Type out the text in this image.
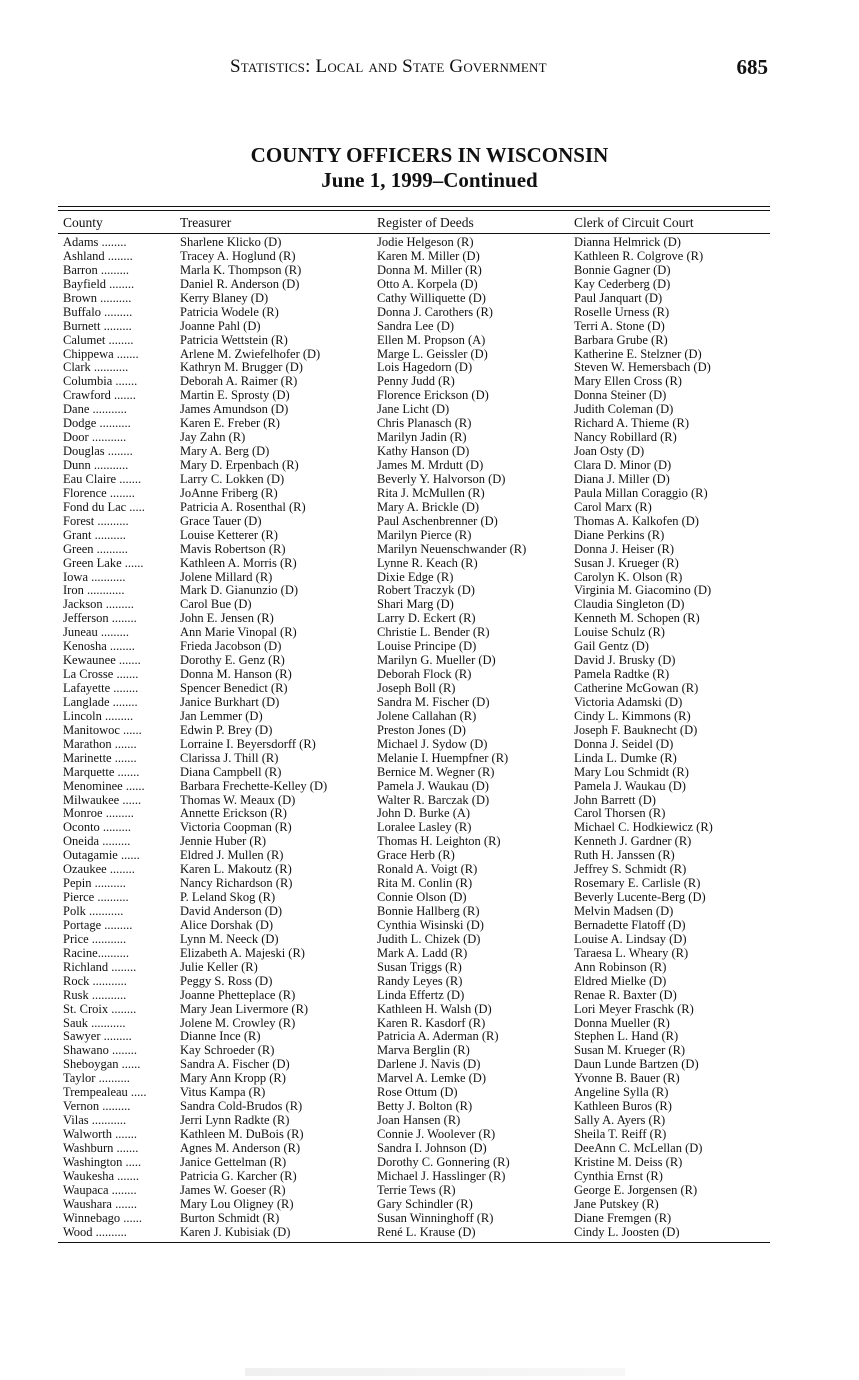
Statistics: Local and State Government	685
COUNTY OFFICERS IN WISCONSIN
June 1, 1999–Continued
County	Treasurer	Register of Deeds	Clerk of Circuit Court
Adams ........	Sharlene Klicko (D)	Jodie Helgeson (R)	Dianna Helmrick (D)
Ashland ........	Tracey A. Hoglund (R)	Karen M. Miller (D)	Kathleen R. Colgrove (R)
Barron .........	Marla K. Thompson (R)	Donna M. Miller (R)	Bonnie Gagner (D)
Bayfield ........	Daniel R. Anderson (D)	Otto A. Korpela (D)	Kay Cederberg (D)
Brown ..........	Kerry Blaney (D)	Cathy Williquette (D)	Paul Janquart (D)
Buffalo .........	Patricia Wodele (R)	Donna J. Carothers (R)	Roselle Urness (R)
Burnett .........	Joanne Pahl (D)	Sandra Lee (D)	Terri A. Stone (D)
Calumet ........	Patricia Wettstein (R)	Ellen M. Propson (A)	Barbara Grube (R)
Chippewa .......	Arlene M. Zwiefelhofer (D)	Marge L. Geissler (D)	Katherine E. Stelzner (D)
Clark ...........	Kathryn M. Brugger (D)	Lois Hagedorn (D)	Steven W. Hemersbach (D)
Columbia .......	Deborah A. Raimer (R)	Penny Judd (R)	Mary Ellen Cross (R)
Crawford .......	Martin E. Sprosty (D)	Florence Erickson (D)	Donna Steiner (D)
Dane ...........	James Amundson (D)	Jane Licht (D)	Judith Coleman (D)
Dodge ..........	Karen E. Freber (R)	Chris Planasch (R)	Richard A. Thieme (R)
Door ...........	Jay Zahn (R)	Marilyn Jadin (R)	Nancy Robillard (R)
Douglas ........	Mary A. Berg (D)	Kathy Hanson (D)	Joan Osty (D)
Dunn ...........	Mary D. Erpenbach (R)	James M. Mrdutt (D)	Clara D. Minor (D)
Eau Claire .......	Larry C. Lokken (D)	Beverly Y. Halvorson (D)	Diana J. Miller (D)
Florence ........	JoAnne Friberg (R)	Rita J. McMullen (R)	Paula Millan Coraggio (R)
Fond du Lac .....	Patricia A. Rosenthal (R)	Mary A. Brickle (D)	Carol Marx (R)
Forest ..........	Grace Tauer (D)	Paul Aschenbrenner (D)	Thomas A. Kalkofen (D)
Grant ..........	Louise Ketterer (R)	Marilyn Pierce (R)	Diane Perkins (R)
Green ..........	Mavis Robertson (R)	Marilyn Neuenschwander (R)	Donna J. Heiser (R)
Green Lake ......	Kathleen A. Morris (R)	Lynne R. Keach (R)	Susan J. Krueger (R)
Iowa ...........	Jolene Millard (R)	Dixie Edge (R)	Carolyn K. Olson (R)
Iron ............	Mark D. Gianunzio (D)	Robert Traczyk (D)	Virginia M. Giacomino (D)
Jackson .........	Carol Bue (D)	Shari Marg (D)	Claudia Singleton (D)
Jefferson ........	John E. Jensen (R)	Larry D. Eckert (R)	Kenneth M. Schopen (R)
Juneau .........	Ann Marie Vinopal (R)	Christie L. Bender (R)	Louise Schulz (R)
Kenosha ........	Frieda Jacobson (D)	Louise Principe (D)	Gail Gentz (D)
Kewaunee .......	Dorothy E. Genz (R)	Marilyn G. Mueller (D)	David J. Brusky (D)
La Crosse .......	Donna M. Hanson (R)	Deborah Flock (R)	Pamela Radtke (R)
Lafayette ........	Spencer Benedict (R)	Joseph Boll (R)	Catherine McGowan (R)
Langlade ........	Janice Burkhart (D)	Sandra M. Fischer (D)	Victoria Adamski (D)
Lincoln .........	Jan Lemmer (D)	Jolene Callahan (R)	Cindy L. Kimmons (R)
Manitowoc ......	Edwin P. Brey (D)	Preston Jones (D)	Joseph F. Bauknecht (D)
Marathon .......	Lorraine I. Beyersdorff (R)	Michael J. Sydow (D)	Donna J. Seidel (D)
Marinette .......	Clarissa J. Thill (R)	Melanie I. Huempfner (R)	Linda L. Dumke (R)
Marquette .......	Diana Campbell (R)	Bernice M. Wegner (R)	Mary Lou Schmidt (R)
Menominee ......	Barbara Frechette-Kelley (D)	Pamela J. Waukau (D)	Pamela J. Waukau (D)
Milwaukee ......	Thomas W. Meaux (D)	Walter R. Barczak (D)	John Barrett (D)
Monroe .........	Annette Erickson (R)	John D. Burke (A)	Carol Thorsen (R)
Oconto .........	Victoria Coopman (R)	Loralee Lasley (R)	Michael C. Hodkiewicz (R)
Oneida .........	Jennie Huber (R)	Thomas H. Leighton (R)	Kenneth J. Gardner (R)
Outagamie ......	Eldred J. Mullen (R)	Grace Herb (R)	Ruth H. Janssen (R)
Ozaukee ........	Karen L. Makoutz (R)	Ronald A. Voigt (R)	Jeffrey S. Schmidt (R)
Pepin ..........	Nancy Richardson (R)	Rita M. Conlin (R)	Rosemary E. Carlisle (R)
Pierce ..........	P. Leland Skog (R)	Connie Olson (D)	Beverly Lucente-Berg (D)
Polk ...........	David Anderson (D)	Bonnie Hallberg (R)	Melvin Madsen (D)
Portage .........	Alice Dorshak (D)	Cynthia Wisinski (D)	Bernadette Flatoff (D)
Price ...........	Lynn M. Neeck (D)	Judith L. Chizek (D)	Louise A. Lindsay (D)
Racine..........	Elizabeth A. Majeski (R)	Mark A. Ladd (R)	Taraesa L. Wheary (R)
Richland ........	Julie Keller (R)	Susan Triggs (R)	Ann Robinson (R)
Rock ...........	Peggy S. Ross (D)	Randy Leyes (R)	Eldred Mielke (D)
Rusk ...........	Joanne Phetteplace (R)	Linda Effertz (D)	Renae R. Baxter (D)
St. Croix ........	Mary Jean Livermore (R)	Kathleen H. Walsh (D)	Lori Meyer Fraschk (R)
Sauk ...........	Jolene M. Crowley (R)	Karen R. Kasdorf (R)	Donna Mueller (R)
Sawyer .........	Dianne Ince (R)	Patricia A. Aderman (R)	Stephen L. Hand (R)
Shawano ........	Kay Schroeder (R)	Marva Berglin (R)	Susan M. Krueger (R)
Sheboygan ......	Sandra A. Fischer (D)	Darlene J. Navis (D)	Daun Lunde Bartzen (D)
Taylor ..........	Mary Ann Kropp (R)	Marvel A. Lemke (D)	Yvonne B. Bauer (R)
Trempealeau .....	Vitus Kampa (R)	Rose Ottum (D)	Angeline Sylla (R)
Vernon .........	Sandra Cold-Brudos (R)	Betty J. Bolton (R)	Kathleen Buros (R)
Vilas ...........	Jerri Lynn Radkte (R)	Joan Hansen (R)	Sally A. Ayers (R)
Walworth .......	Kathleen M. DuBois (R)	Connie J. Woolever (R)	Sheila T. Reiff (R)
Washburn .......	Agnes M. Anderson (R)	Sandra I. Johnson (D)	DeeAnn C. McLellan (D)
Washington .....	Janice Gettelman (R)	Dorothy C. Gonnering (R)	Kristine M. Deiss (R)
Waukesha .......	Patricia G. Karcher (R)	Michael J. Hasslinger (R)	Cynthia Ernst (R)
Waupaca ........	James W. Goeser (R)	Terrie Tews (R)	George E. Jorgensen (R)
Waushara .......	Mary Lou Oligney (R)	Gary Schindler (R)	Jane Putskey (R)
Winnebago ......	Burton Schmidt (R)	Susan Winninghoff (R)	Diane Fremgen (R)
Wood ..........	Karen J. Kubisiak (D)	René L. Krause (D)	Cindy L. Joosten (D)
